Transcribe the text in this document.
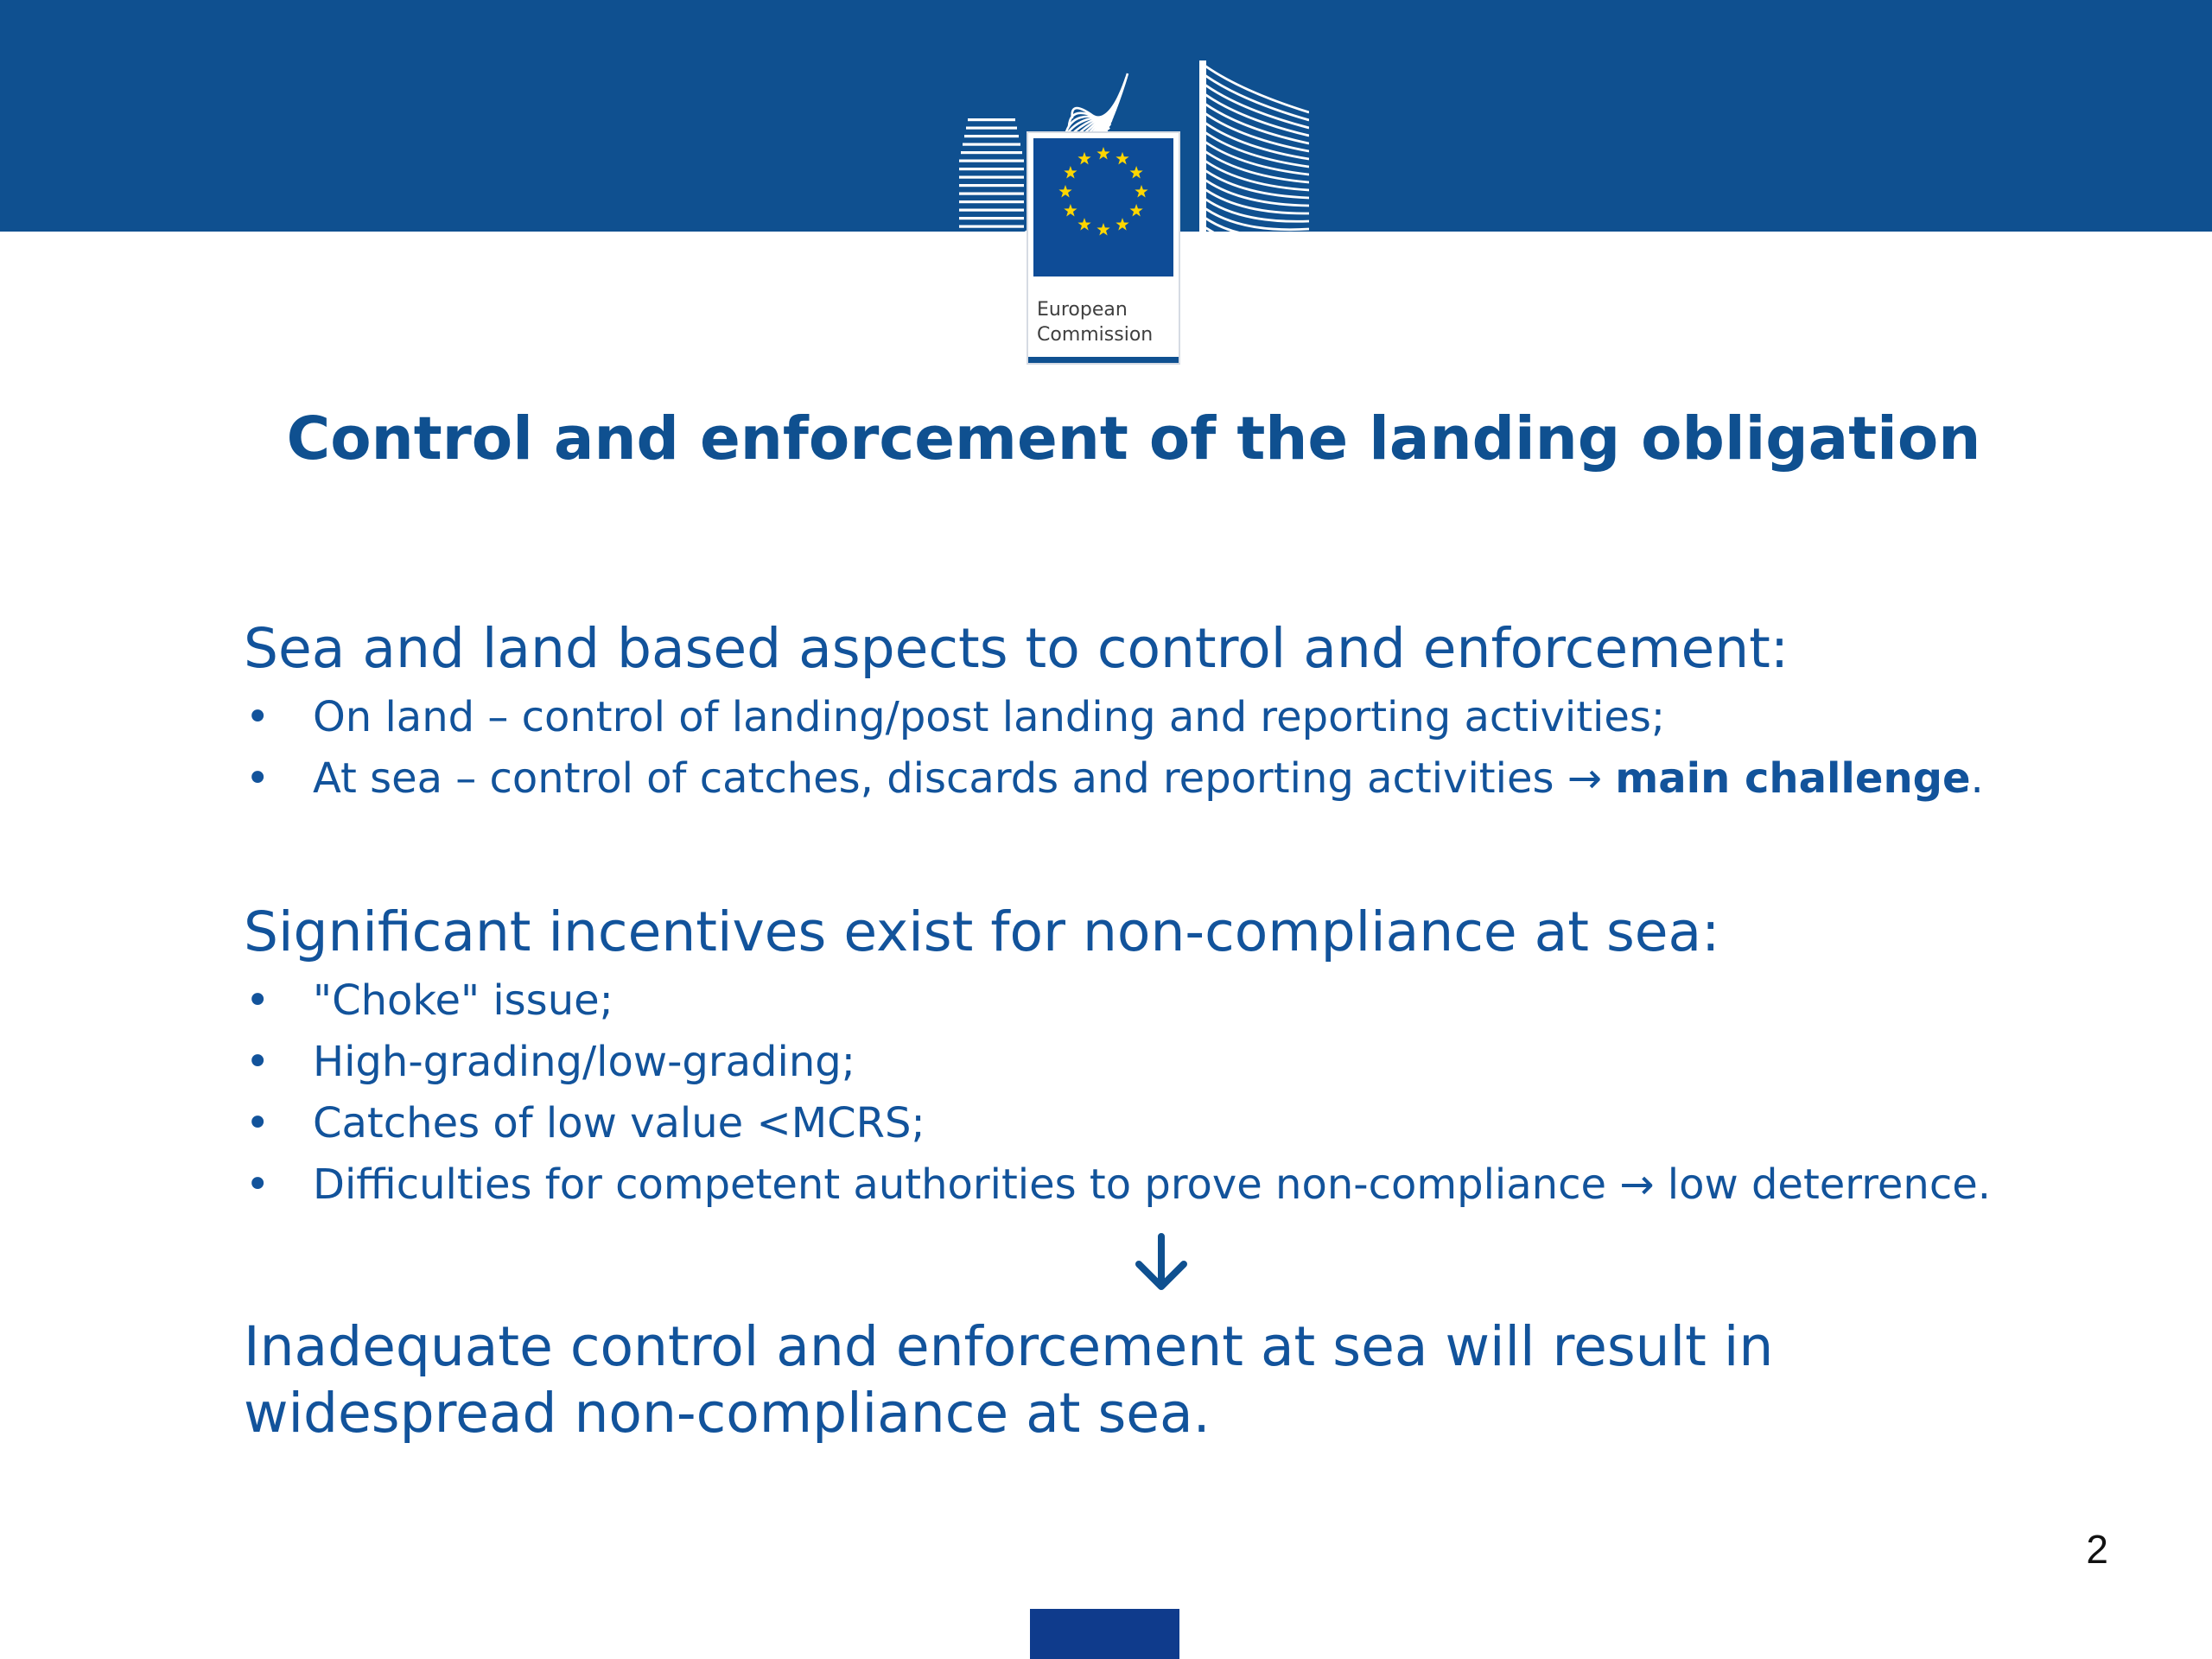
European
Commission
Control and enforcement of the landing obligation

Sea and land based aspects to control and enforcement:

• On land – control of landing/post landing and reporting activities;
• At sea – control of catches, discards and reporting activities → main challenge.

Significant incentives exist for non-compliance at sea:

• "Choke" issue;
• High-grading/low-grading;
• Catches of low value <MCRS;
• Difficulties for competent authorities to prove non-compliance → low deterrence.

Inadequate control and enforcement at sea will result in widespread non-compliance at sea.

2
